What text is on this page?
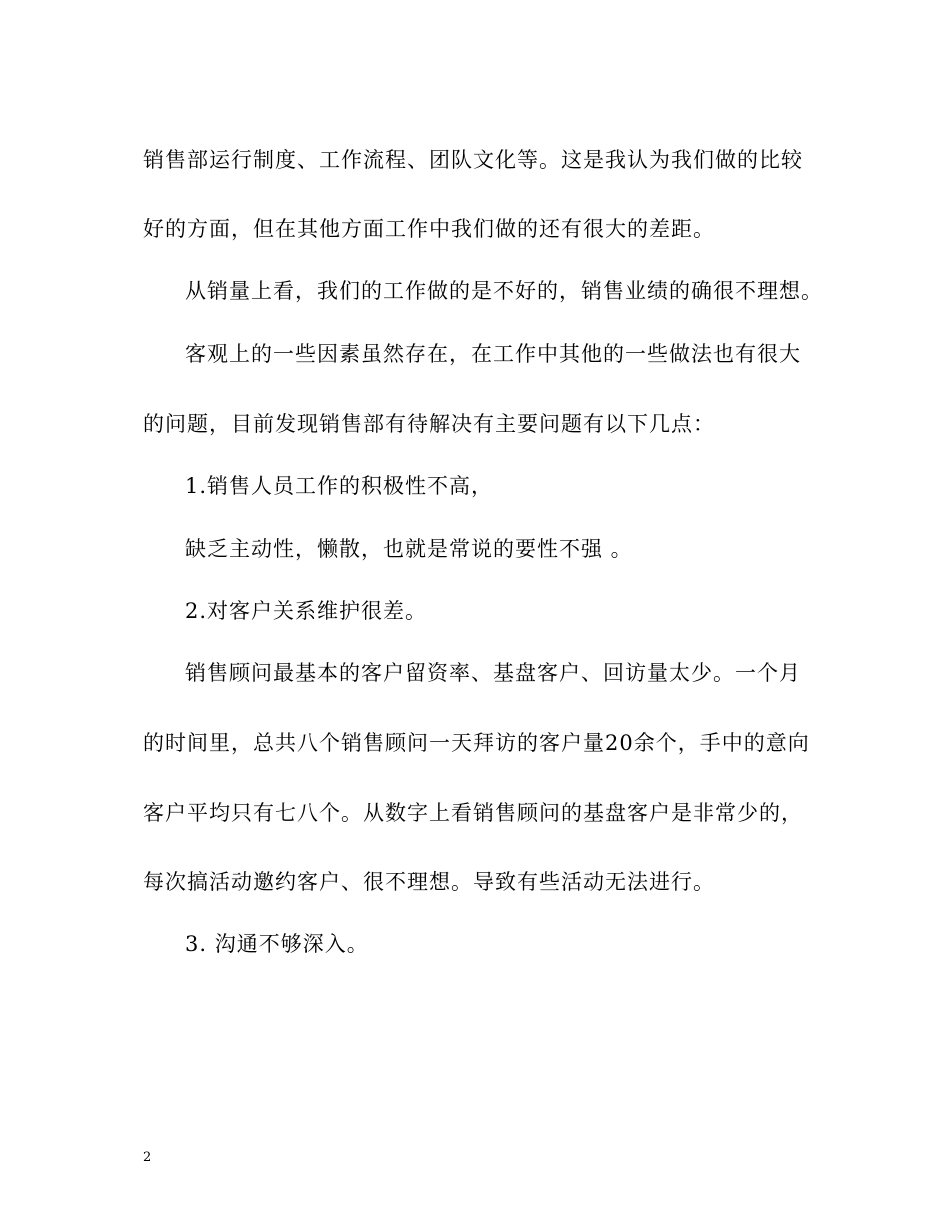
销售部运行制度、工作流程、团队文化等。这是我认为我们做的比较
好的方面，但在其他方面工作中我们做的还有很大的差距。
从销量上看，我们的工作做的是不好的，销售业绩的确很不理想。
客观上的一些因素虽然存在，在工作中其他的一些做法也有很大
的问题，目前发现销售部有待解决有主要问题有以下几点：
1.销售人员工作的积极性不高，
缺乏主动性，懒散，也就是常说的要性不强 。
2.对客户关系维护很差。
销售顾问最基本的客户留资率、基盘客户、回访量太少。一个月
的时间里，总共八个销售顾问一天拜访的客户量20余个，手中的意向
客户平均只有七八个。从数字上看销售顾问的基盘客户是非常少的，
每次搞活动邀约客户、很不理想。导致有些活动无法进行。
3. 沟通不够深入。
2
